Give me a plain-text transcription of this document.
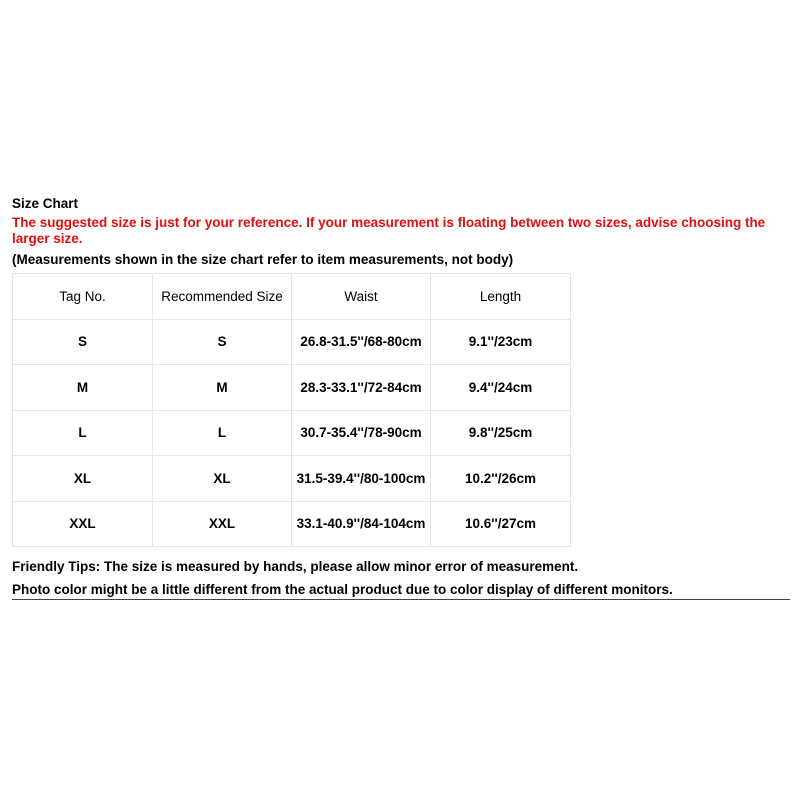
Size Chart
The suggested size is just for your reference. If your measurement is floating between two sizes, advise choosing the larger size.
(Measurements shown in the size chart refer to item measurements, not body)
Tag No.	Recommended Size	Waist	Length
S	S	26.8-31.5''/68-80cm	9.1''/23cm
M	M	28.3-33.1''/72-84cm	9.4''/24cm
L	L	30.7-35.4''/78-90cm	9.8''/25cm
XL	XL	31.5-39.4''/80-100cm	10.2''/26cm
XXL	XXL	33.1-40.9''/84-104cm	10.6''/27cm
Friendly Tips: The size is measured by hands, please allow minor error of measurement.
Photo color might be a little different from the actual product due to color display of different monitors.
